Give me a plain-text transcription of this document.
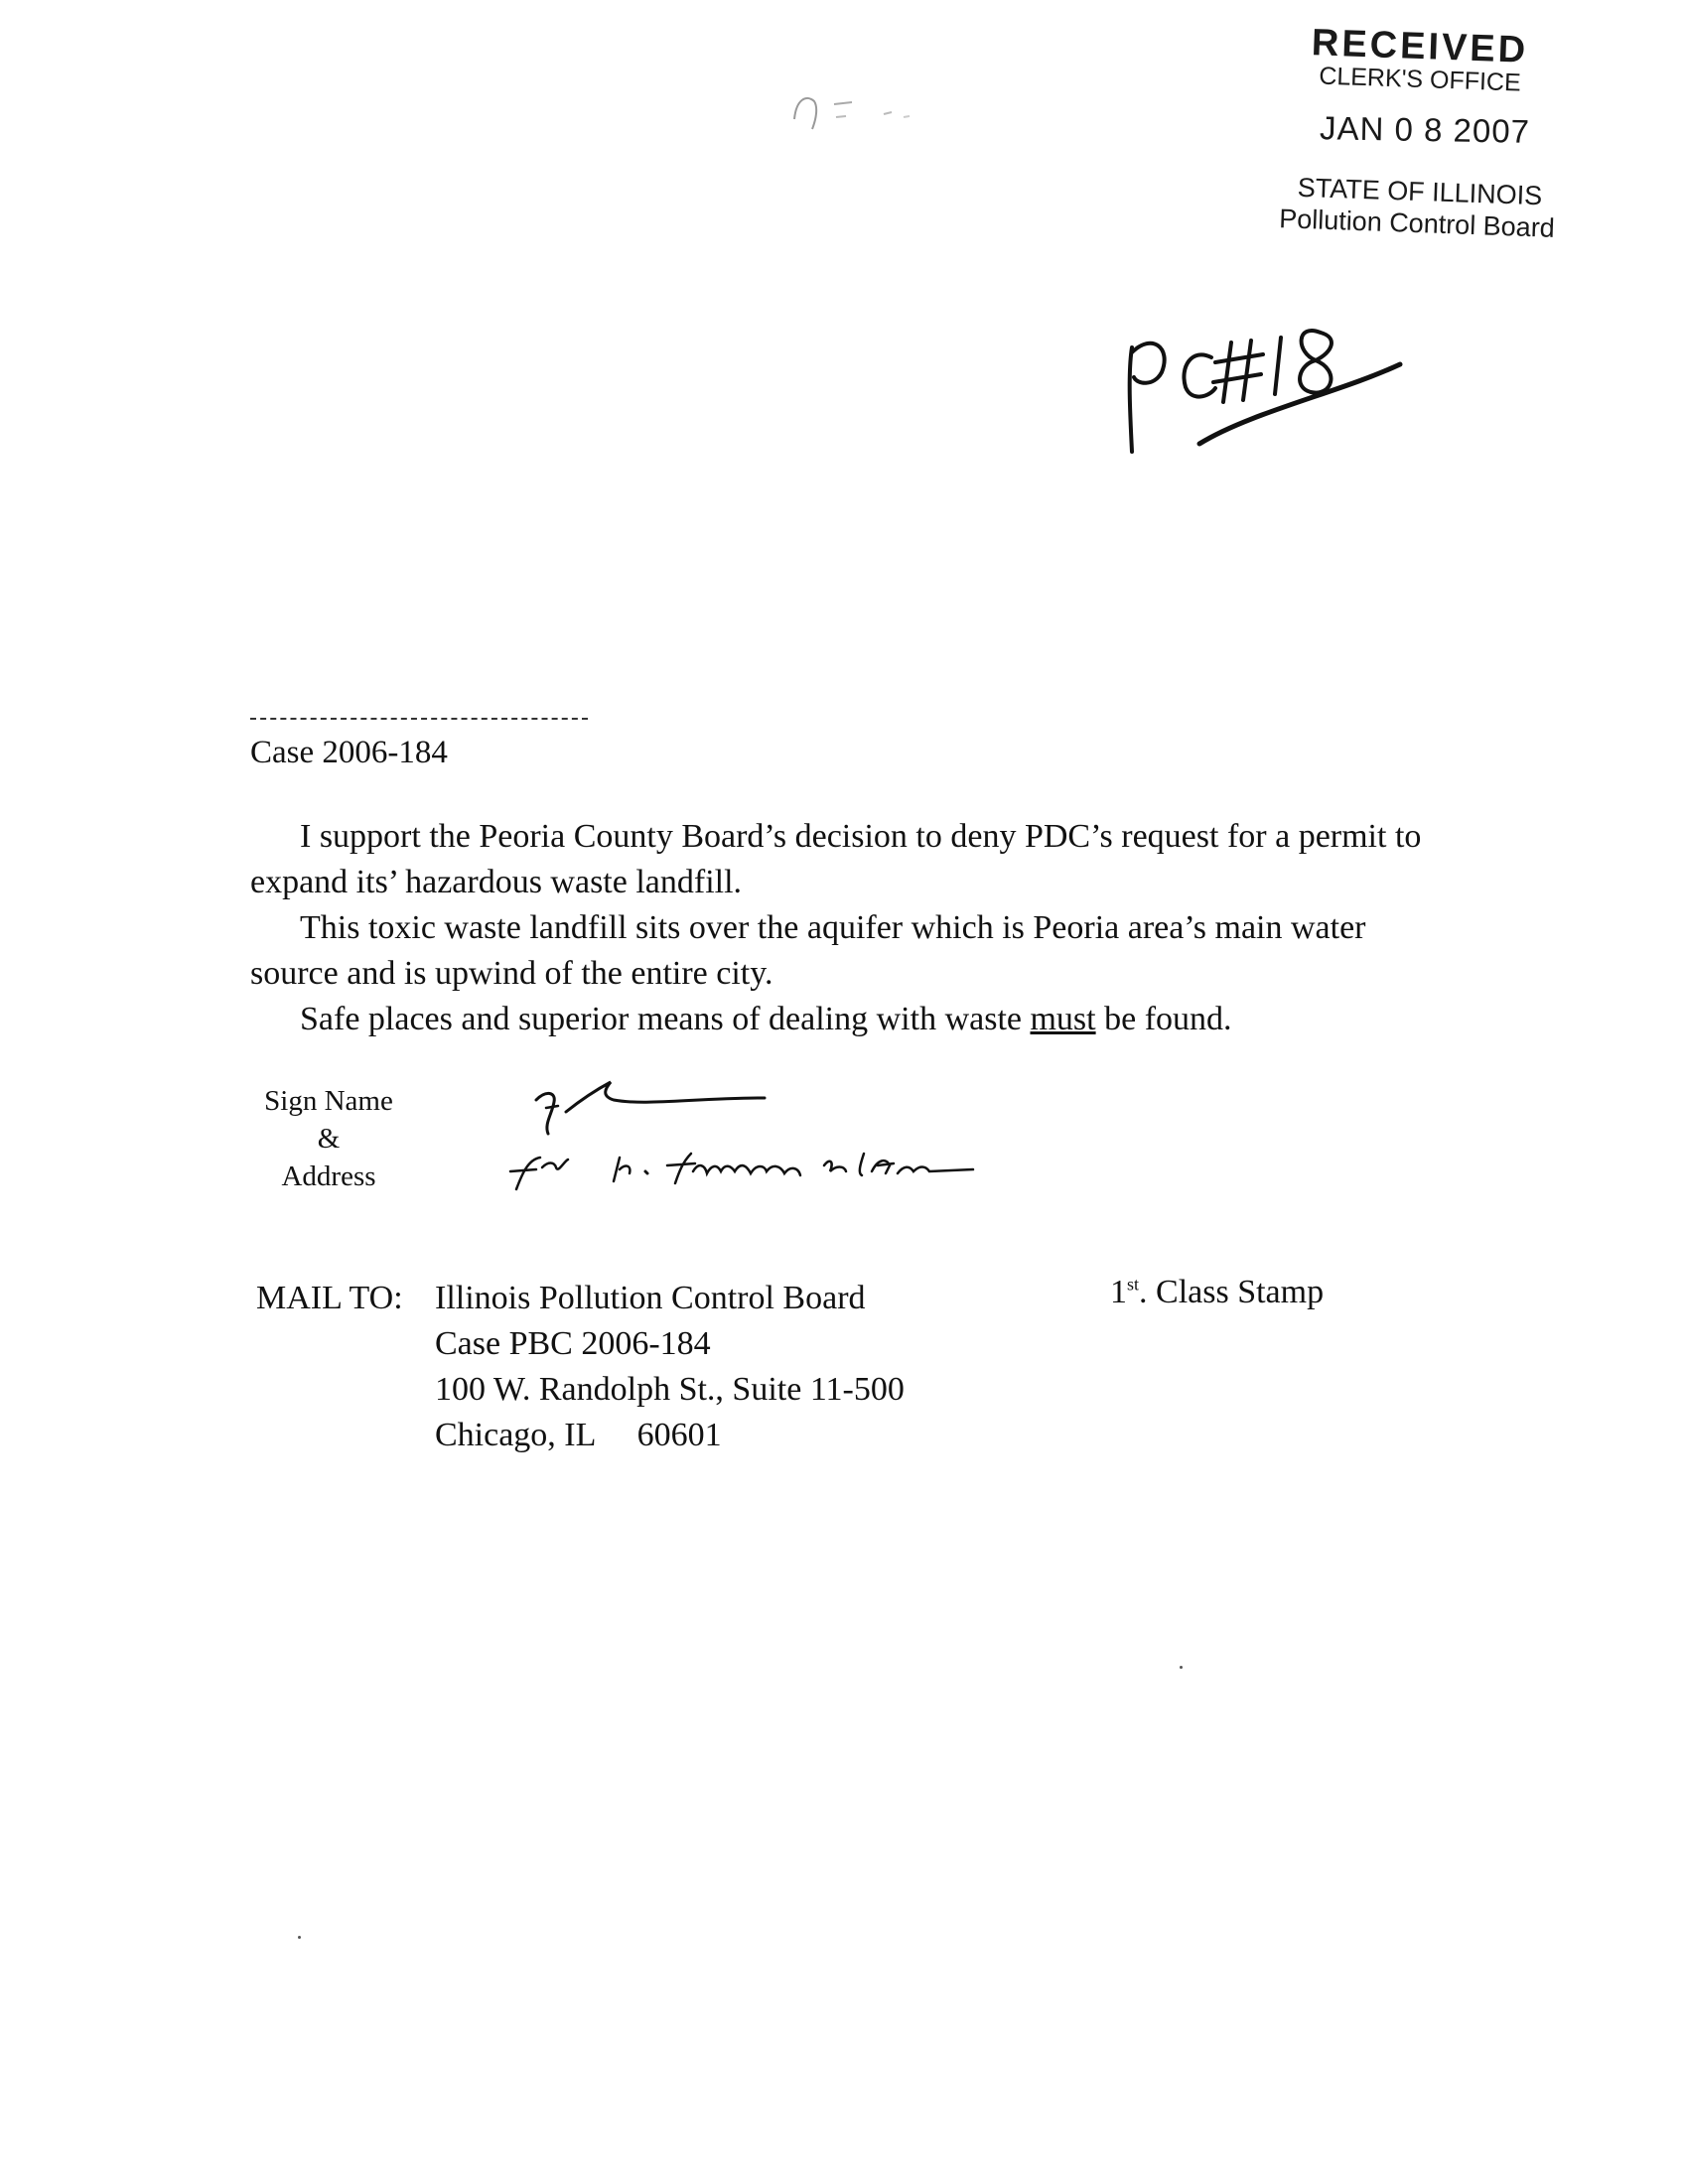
RECEIVED
CLERK'S OFFICE
JAN 0 8 2007
STATE OF ILLINOIS
Pollution Control Board
Case 2006-184

I support the Peoria County Board’s decision to deny PDC’s request for a permit to expand its’ hazardous waste landfill.

This toxic waste landfill sits over the aquifer which is Peoria area’s main water source and is upwind of the entire city.

Safe places and superior means of dealing with waste must be found.

Sign Name
&
Address
MAIL TO: Illinois Pollution Control Board
Case PBC 2006-184
100 W. Randolph St., Suite 11-500
Chicago, IL     60601
1st. Class Stamp
